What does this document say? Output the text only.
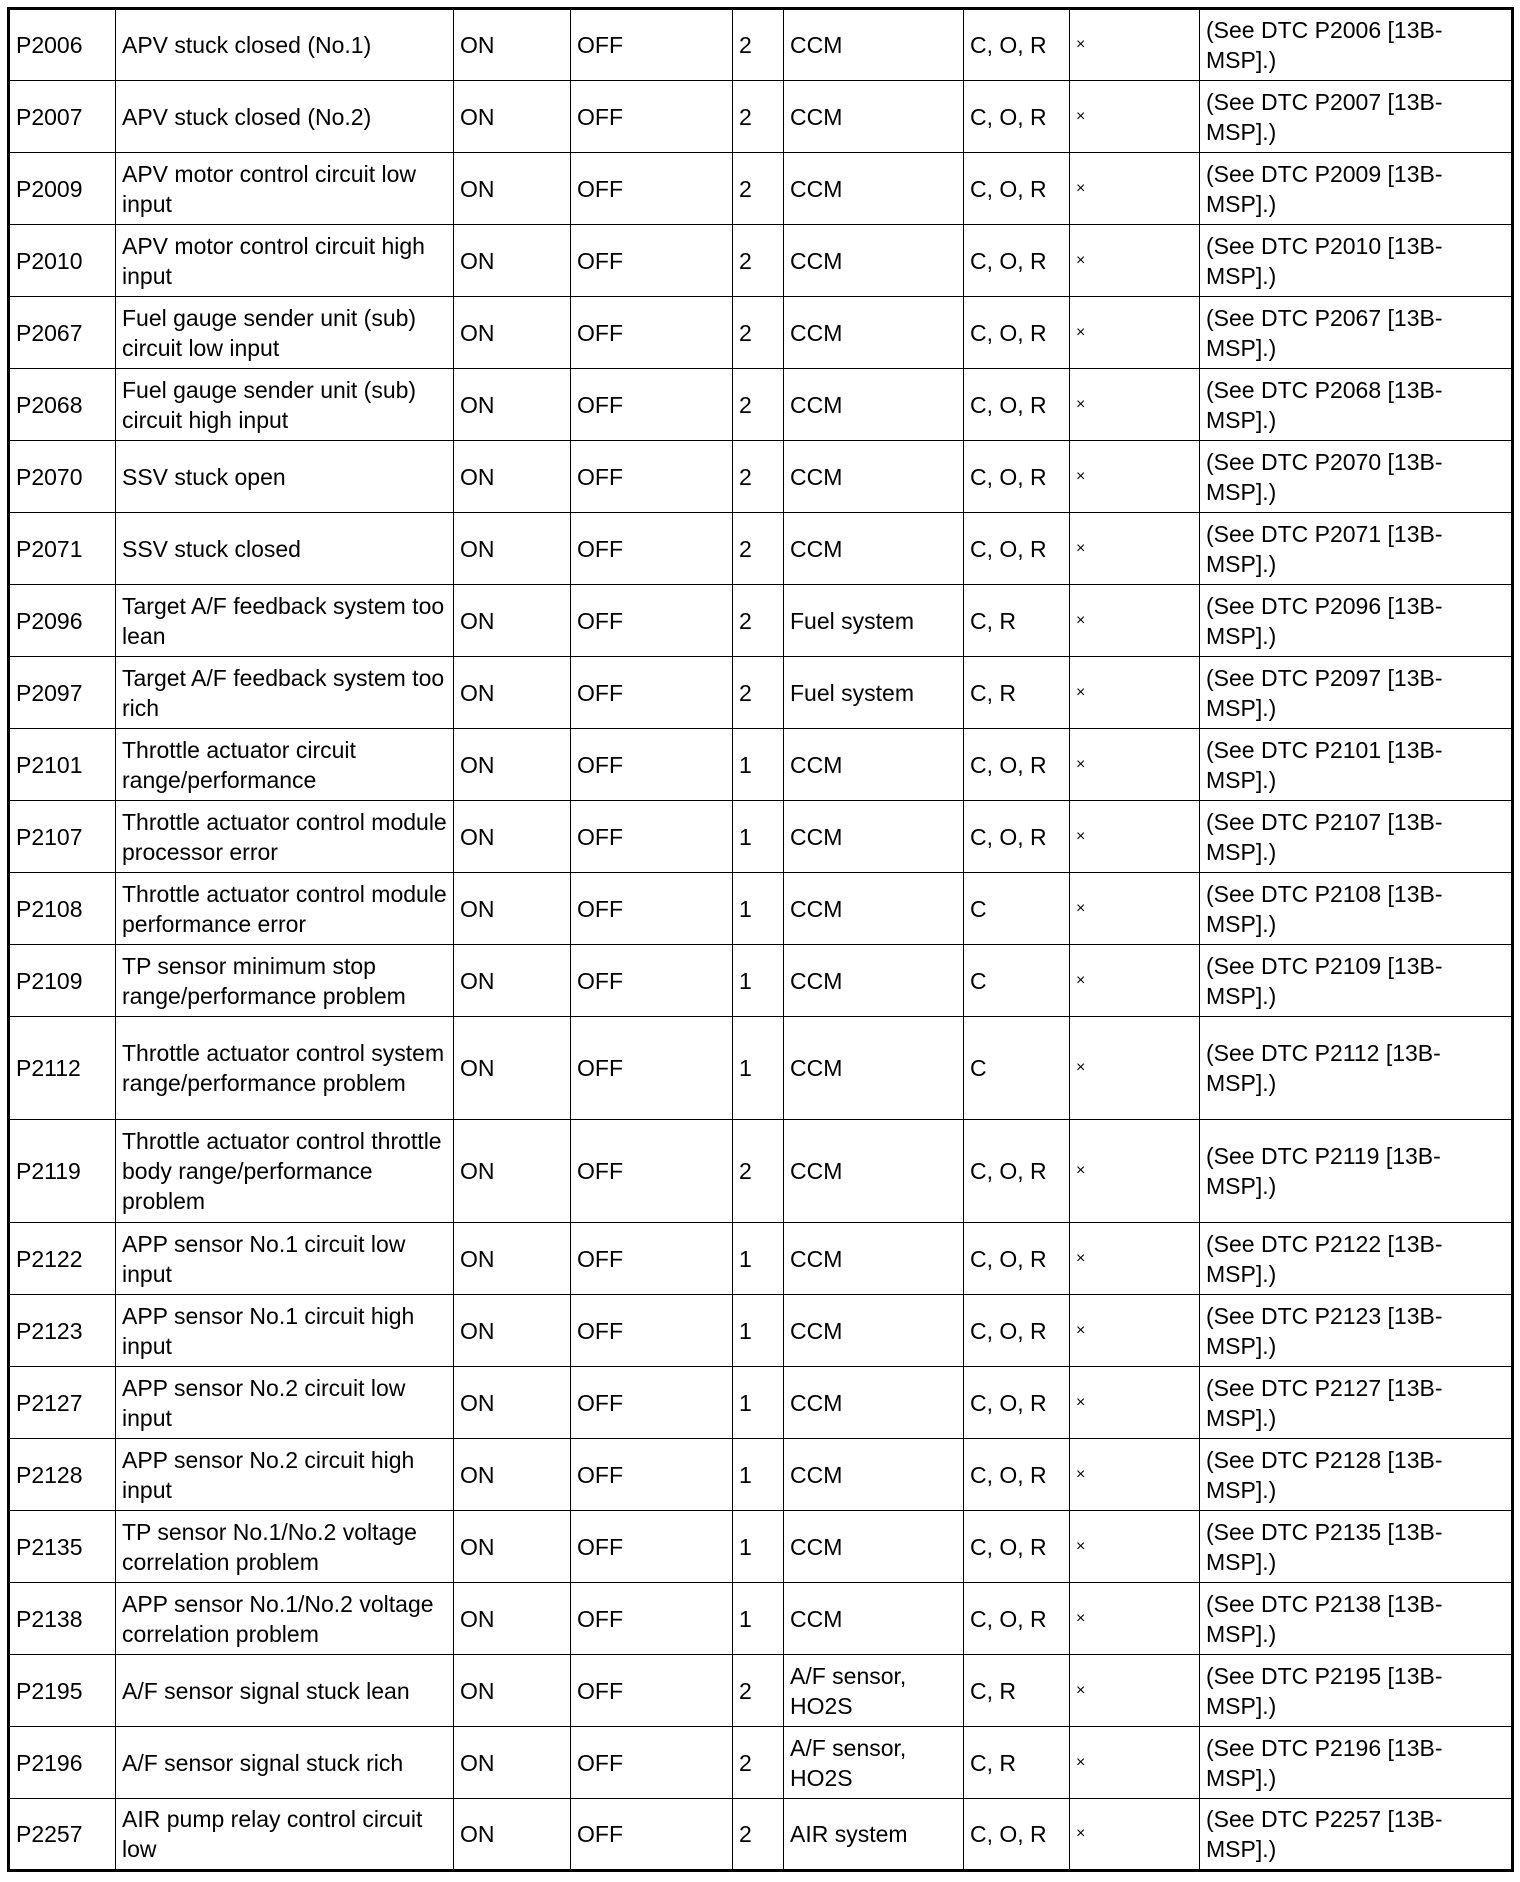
P2006	APV stuck closed (No.1)	ON	OFF	2	CCM	C, O, R	×	(See DTC P2006 [13B-MSP].)
P2007	APV stuck closed (No.2)	ON	OFF	2	CCM	C, O, R	×	(See DTC P2007 [13B-MSP].)
P2009	APV motor control circuit low input	ON	OFF	2	CCM	C, O, R	×	(See DTC P2009 [13B-MSP].)
P2010	APV motor control circuit high input	ON	OFF	2	CCM	C, O, R	×	(See DTC P2010 [13B-MSP].)
P2067	Fuel gauge sender unit (sub) circuit low input	ON	OFF	2	CCM	C, O, R	×	(See DTC P2067 [13B-MSP].)
P2068	Fuel gauge sender unit (sub) circuit high input	ON	OFF	2	CCM	C, O, R	×	(See DTC P2068 [13B-MSP].)
P2070	SSV stuck open	ON	OFF	2	CCM	C, O, R	×	(See DTC P2070 [13B-MSP].)
P2071	SSV stuck closed	ON	OFF	2	CCM	C, O, R	×	(See DTC P2071 [13B-MSP].)
P2096	Target A/F feedback system too lean	ON	OFF	2	Fuel system	C, R	×	(See DTC P2096 [13B-MSP].)
P2097	Target A/F feedback system too rich	ON	OFF	2	Fuel system	C, R	×	(See DTC P2097 [13B-MSP].)
P2101	Throttle actuator circuit range/performance	ON	OFF	1	CCM	C, O, R	×	(See DTC P2101 [13B-MSP].)
P2107	Throttle actuator control module processor error	ON	OFF	1	CCM	C, O, R	×	(See DTC P2107 [13B-MSP].)
P2108	Throttle actuator control module performance error	ON	OFF	1	CCM	C	×	(See DTC P2108 [13B-MSP].)
P2109	TP sensor minimum stop range/performance problem	ON	OFF	1	CCM	C	×	(See DTC P2109 [13B-MSP].)
P2112	Throttle actuator control system range/performance problem	ON	OFF	1	CCM	C	×	(See DTC P2112 [13B-MSP].)
P2119	Throttle actuator control throttle body range/performance problem	ON	OFF	2	CCM	C, O, R	×	(See DTC P2119 [13B-MSP].)
P2122	APP sensor No.1 circuit low input	ON	OFF	1	CCM	C, O, R	×	(See DTC P2122 [13B-MSP].)
P2123	APP sensor No.1 circuit high input	ON	OFF	1	CCM	C, O, R	×	(See DTC P2123 [13B-MSP].)
P2127	APP sensor No.2 circuit low input	ON	OFF	1	CCM	C, O, R	×	(See DTC P2127 [13B-MSP].)
P2128	APP sensor No.2 circuit high input	ON	OFF	1	CCM	C, O, R	×	(See DTC P2128 [13B-MSP].)
P2135	TP sensor No.1/No.2 voltage correlation problem	ON	OFF	1	CCM	C, O, R	×	(See DTC P2135 [13B-MSP].)
P2138	APP sensor No.1/No.2 voltage correlation problem	ON	OFF	1	CCM	C, O, R	×	(See DTC P2138 [13B-MSP].)
P2195	A/F sensor signal stuck lean	ON	OFF	2	A/F sensor, HO2S	C, R	×	(See DTC P2195 [13B-MSP].)
P2196	A/F sensor signal stuck rich	ON	OFF	2	A/F sensor, HO2S	C, R	×	(See DTC P2196 [13B-MSP].)
P2257	AIR pump relay control circuit low	ON	OFF	2	AIR system	C, O, R	×	(See DTC P2257 [13B-MSP].)
